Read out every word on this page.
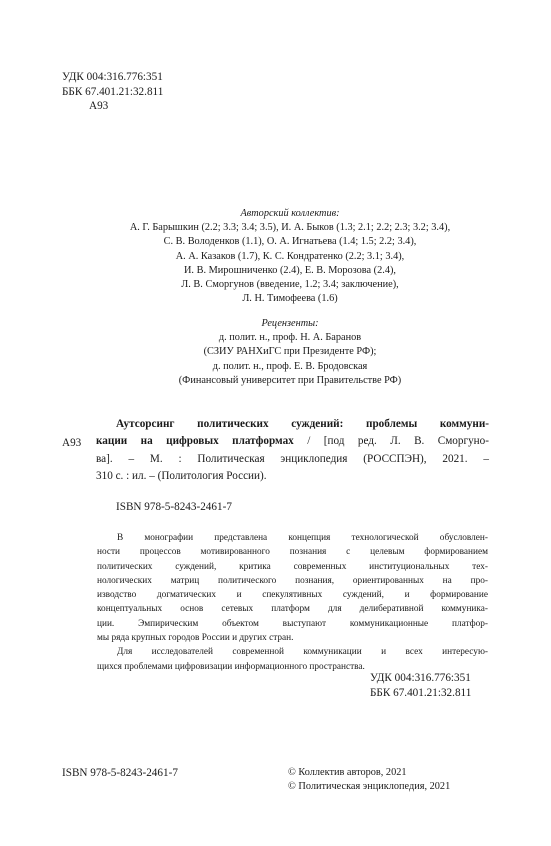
УДК 004:316.776:351
ББК 67.401.21:32.811
А93
Авторский коллектив:
А. Г. Барышкин (2.2; 3.3; 3.4; 3.5), И. А. Быков (1.3; 2.1; 2.2; 2.3; 3.2; 3.4),
С. В. Володенков (1.1), О. А. Игнатьева (1.4; 1.5; 2.2; 3.4),
А. А. Казаков (1.7), К. С. Кондратенко (2.2; 3.1; 3.4),
И. В. Мирошниченко (2.4), Е. В. Морозова (2.4),
Л. В. Сморгунов (введение, 1.2; 3.4; заключение),
Л. Н. Тимофеева (1.6)
Рецензенты:
д. полит. н., проф. Н. А. Баранов
(СЗИУ РАНХиГС при Президенте РФ);
д. полит. н., проф. Е. В. Бродовская
(Финансовый университет при Правительстве РФ)
А93
Аутсорсинг политических суждений: проблемы коммуни-
кации на цифровых платформах / [под ред. Л. В. Сморгуно-
ва]. – М. : Политическая энциклопедия (РОССПЭН), 2021. –
310 с. : ил. – (Политология России).
ISBN 978-5-8243-2461-7
В монографии представлена концепция технологической обусловлен-
ности процессов мотивированного познания с целевым формированием
политических суждений, критика современных институциональных тех-
нологических матриц политического познания, ориентированных на про-
изводство догматических и спекулятивных суждений, и формирование
концептуальных основ сетевых платформ для делиберативной коммуника-
ции. Эмпирическим объектом выступают коммуникационные платфор-
мы ряда крупных городов России и других стран.
Для исследователей современной коммуникации и всех интересую-
щихся проблемами цифровизации информационного пространства.
УДК 004:316.776:351
ББК 67.401.21:32.811
ISBN 978-5-8243-2461-7	© Коллектив авторов, 2021
© Политическая энциклопедия, 2021
